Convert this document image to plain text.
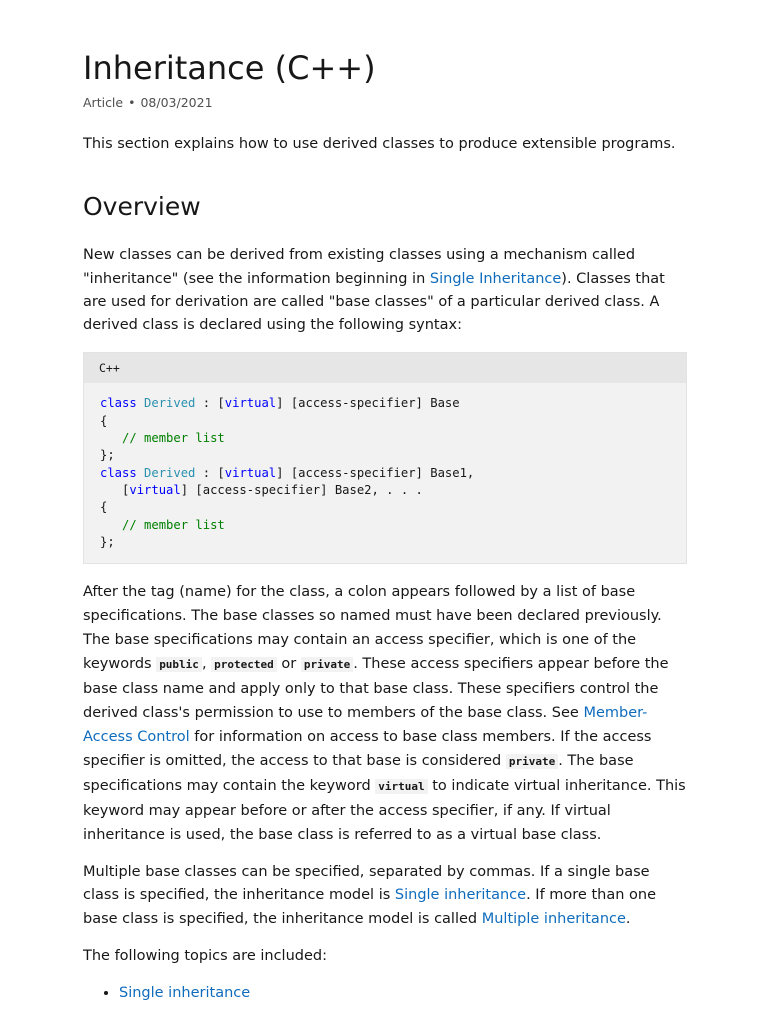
Inheritance (C++)
Article • 08/03/2021

This section explains how to use derived classes to produce extensible programs.

Overview

New classes can be derived from existing classes using a mechanism called "inheritance" (see the information beginning in Single Inheritance). Classes that are used for derivation are called "base classes" of a particular derived class. A derived class is declared using the following syntax:

C++
class Derived : [virtual] [access-specifier] Base
{
// member list
};
class Derived : [virtual] [access-specifier] Base1,
[virtual] [access-specifier] Base2, . . .
{
// member list
};

After the tag (name) for the class, a colon appears followed by a list of base specifications. The base classes so named must have been declared previously. The base specifications may contain an access specifier, which is one of the keywords public , protected or private . These access specifiers appear before the base class name and apply only to that base class. These specifiers control the derived class's permission to use to members of the base class. See Member-Access Control for information on access to base class members. If the access specifier is omitted, the access to that base is considered private . The base specifications may contain the keyword virtual to indicate virtual inheritance. This keyword may appear before or after the access specifier, if any. If virtual inheritance is used, the base class is referred to as a virtual base class.

Multiple base classes can be specified, separated by commas. If a single base class is specified, the inheritance model is Single inheritance. If more than one base class is specified, the inheritance model is called Multiple inheritance.

The following topics are included:

• Single inheritance
